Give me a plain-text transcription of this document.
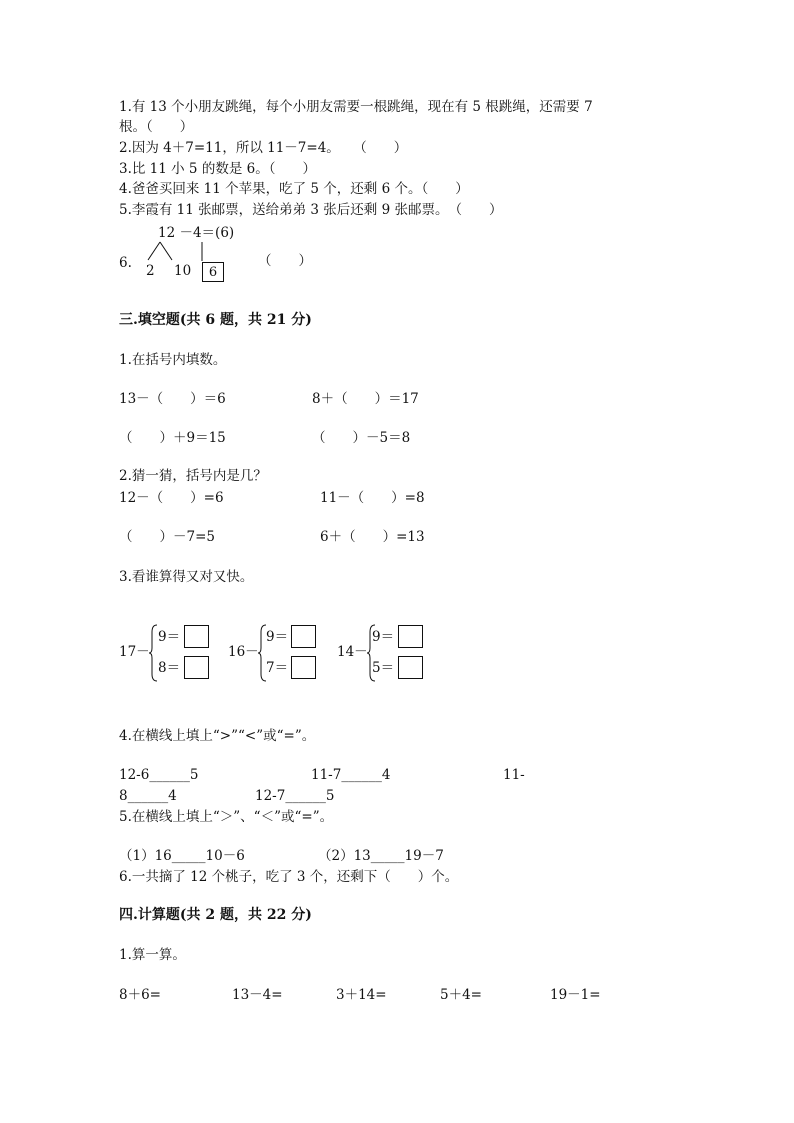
1.有 13 个小朋友跳绳，每个小朋友需要一根跳绳，现在有 5 根跳绳，还需要 7
根。（　　）
2.因为 4＋7=11，所以 11－7=4。　　（　　）
3.比 11 小 5 的数是 6。（　　）
4.爸爸买回来 11 个苹果，吃了 5 个，还剩 6 个。（　　）
5.李霞有 11 张邮票，送给弟弟 3 张后还剩 9 张邮票。　（　　）
12 －4＝(6)
6. 2 10	6
（　　）
三.填空题(共 6 题，共 21 分)
1.在括号内填数。
13－（　　）＝6	8＋（　　）＝17
（　　）＋9＝15	（　　）－5＝8
2.猜一猜，括号内是几？
12－（　　）=6	11－（　　）=8
（　　）－7=5	6＋（　　）=13
3.看谁算得又对又快。
17－
9＝
8＝
16－
9＝
7＝
14－
9＝
5＝
4.在横线上填上“>”“<”或“=”。
12-6______5	11-7______4	11-
8______4	12-7______5
5.在横线上填上“＞”、“＜”或“=”。
（1）16_____10－6	（2）13_____19－7
6.一共摘了 12 个桃子，吃了 3 个，还剩下（　　）个。
四.计算题(共 2 题，共 22 分)
1.算一算。
8＋6=	13－4=	3＋14=	5＋4=	19－1=
